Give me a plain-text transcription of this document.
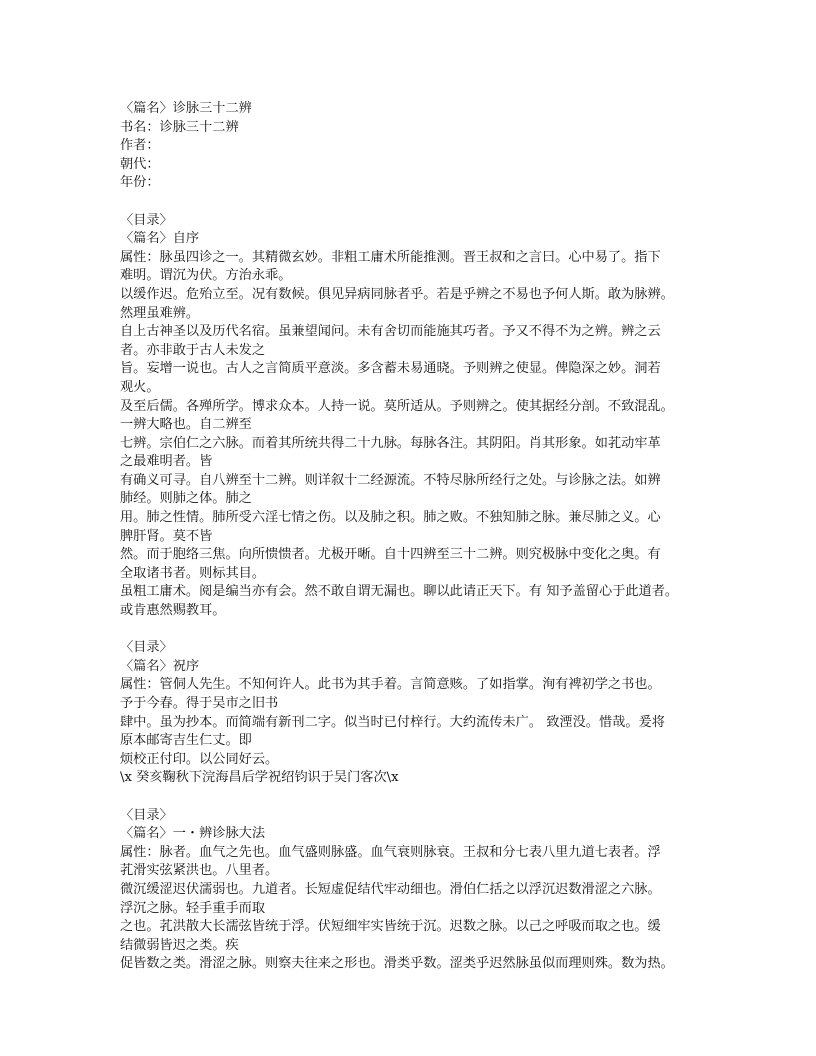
〈篇名〉诊脉三十二辨
书名：诊脉三十二辨
作者：
朝代：
年份：
〈目录〉
〈篇名〉自序
属性：脉虽四诊之一。其精微玄妙。非粗工庸术所能推测。晋王叔和之言曰。心中易了。指下
难明。谓沉为伏。方治永乖。
以缓作迟。危殆立至。况有数候。俱见异病同脉者乎。若是乎辨之不易也予何人斯。敢为脉辨。
然理虽难辨。
自上古神圣以及历代名宿。虽兼望闻问。未有舍切而能施其巧者。予又不得不为之辨。辨之云
者。亦非敢于古人未发之
旨。妄增一说也。古人之言简质平意淡。多含蓄未易通晓。予则辨之使显。俾隐深之妙。洞若
观火。
及至后儒。各殚所学。博求众本。人持一说。莫所适从。予则辨之。使其据经分剖。不致混乱。
一辨大略也。自二辨至
七辨。宗伯仁之六脉。而着其所统共得二十九脉。每脉各注。其阴阳。肖其形象。如芤动牢革
之最难明者。皆
有确义可寻。自八辨至十二辨。则详叙十二经源流。不特尽脉所经行之处。与诊脉之法。如辨
肺经。则肺之体。肺之
用。肺之性情。肺所受六淫七情之伤。以及肺之积。肺之败。不独知肺之脉。兼尽肺之义。心
脾肝肾。莫不皆
然。而于胞络三焦。向所愦愦者。尤极开晰。自十四辨至三十二辨。则究极脉中变化之奥。有
全取诸书者。则标其目。
虽粗工庸术。阅是编当亦有会。然不敢自谓无漏也。聊以此请正天下。有 知予盖留心于此道者。
或肯惠然赐教耳。
〈目录〉
〈篇名〉祝序
属性：管侗人先生。不知何许人。此书为其手着。言简意赅。了如指掌。洵有裨初学之书也。
予于今春。得于吴市之旧书
肆中。虽为抄本。而简端有新刊二字。似当时已付梓行。大约流传未广。 致湮没。惜哉。爰将
原本邮寄吉生仁丈。即
烦校正付印。以公同好云。
\x 癸亥鞠秋下浣海昌后学祝绍钧识于吴门客次\x
〈目录〉
〈篇名〉一・辨诊脉大法
属性：脉者。血气之先也。血气盛则脉盛。血气衰则脉衰。王叔和分七表八里九道七表者。浮
芤滑实弦紧洪也。八里者。
微沉缓涩迟伏濡弱也。九道者。长短虚促结代牢动细也。滑伯仁括之以浮沉迟数滑涩之六脉。
浮沉之脉。轻手重手而取
之也。芤洪散大长濡弦皆统于浮。伏短细牢实皆统于沉。迟数之脉。以己之呼吸而取之也。缓
结微弱皆迟之类。疾
促皆数之类。滑涩之脉。则察夫往来之形也。滑类乎数。涩类乎迟然脉虽似而理则殊。数为热。
